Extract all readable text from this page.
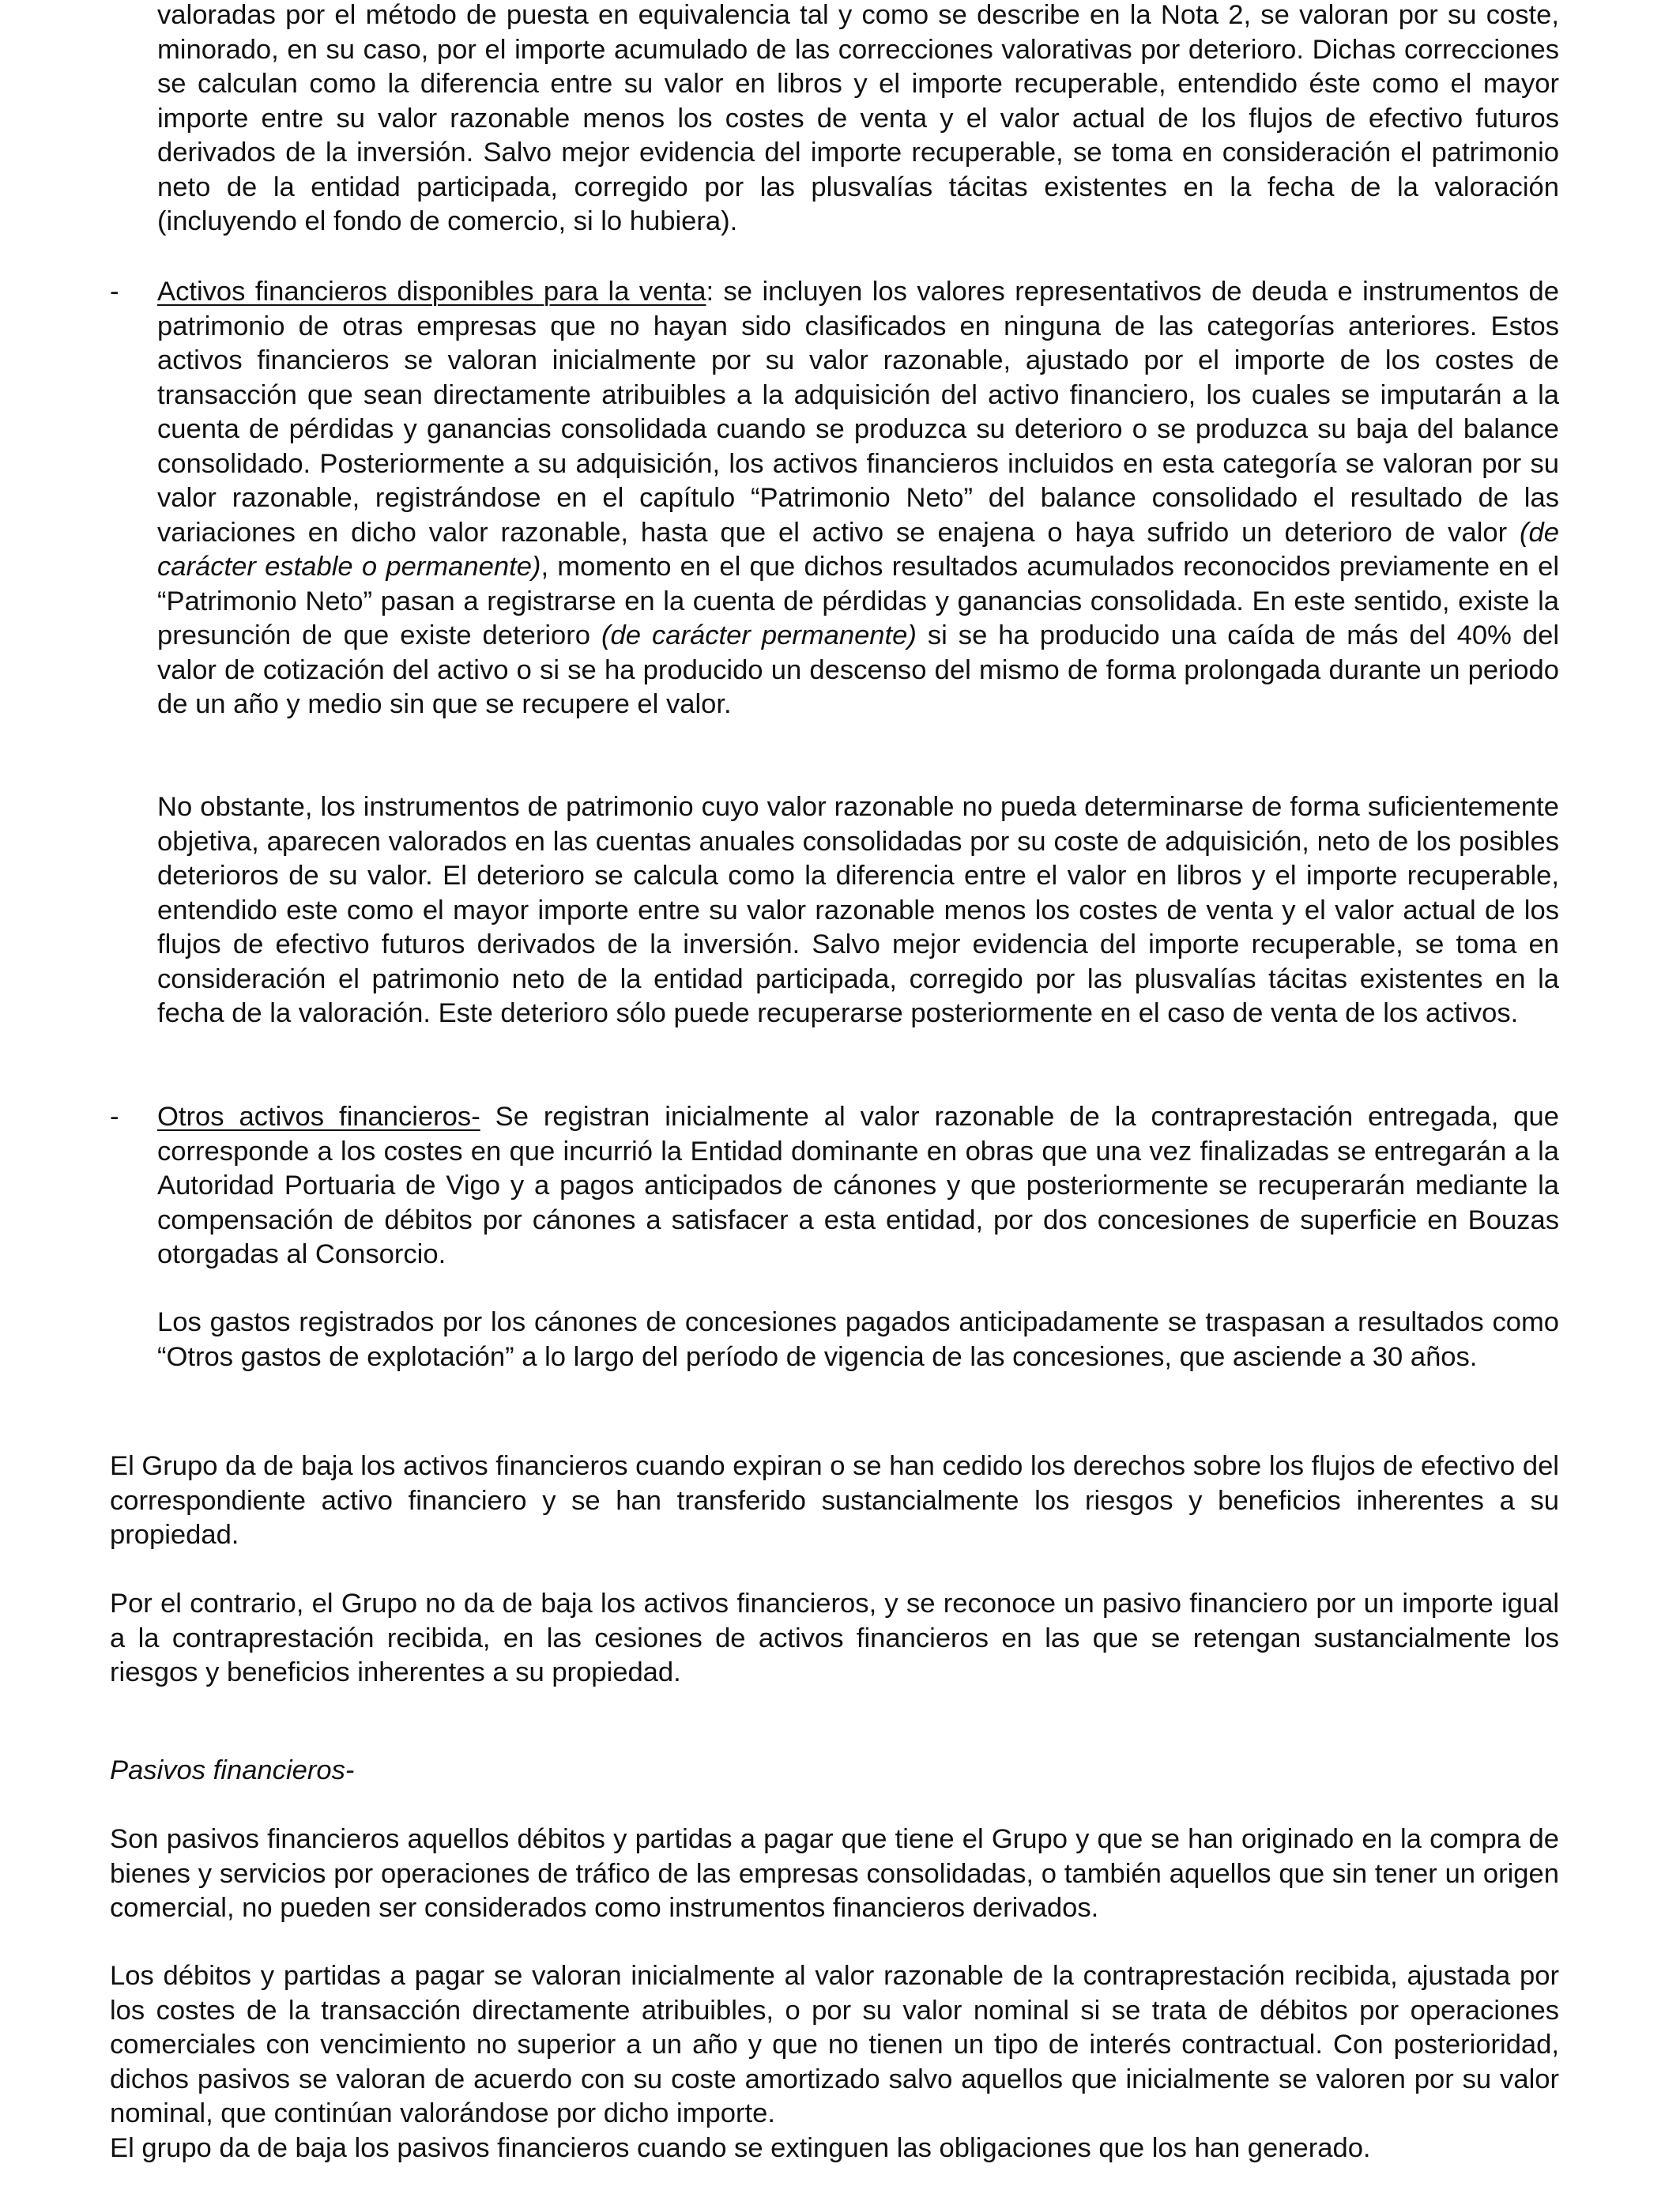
valoradas por el método de puesta en equivalencia tal y como se describe en la Nota 2, se valoran por su coste, minorado, en su caso, por el importe acumulado de las correcciones valorativas por deterioro. Dichas correcciones se calculan como la diferencia entre su valor en libros y el importe recuperable, entendido éste como el mayor importe entre su valor razonable menos los costes de venta y el valor actual de los flujos de efectivo futuros derivados de la inversión. Salvo mejor evidencia del importe recuperable, se toma en consideración el patrimonio neto de la entidad participada, corregido por las plusvalías tácitas existentes en la fecha de la valoración (incluyendo el fondo de comercio, si lo hubiera).

- Activos financieros disponibles para la venta: se incluyen los valores representativos de deuda e instrumentos de patrimonio de otras empresas que no hayan sido clasificados en ninguna de las categorías anteriores. Estos activos financieros se valoran inicialmente por su valor razonable, ajustado por el importe de los costes de transacción que sean directamente atribuibles a la adquisición del activo financiero, los cuales se imputarán a la cuenta de pérdidas y ganancias consolidada cuando se produzca su deterioro o se produzca su baja del balance consolidado. Posteriormente a su adquisición, los activos financieros incluidos en esta categoría se valoran por su valor razonable, registrándose en el capítulo “Patrimonio Neto” del balance consolidado el resultado de las variaciones en dicho valor razonable, hasta que el activo se enajena o haya sufrido un deterioro de valor (de carácter estable o permanente), momento en el que dichos resultados acumulados reconocidos previamente en el “Patrimonio Neto” pasan a registrarse en la cuenta de pérdidas y ganancias consolidada. En este sentido, existe la presunción de que existe deterioro (de carácter permanente) si se ha producido una caída de más del 40% del valor de cotización del activo o si se ha producido un descenso del mismo de forma prolongada durante un periodo de un año y medio sin que se recupere el valor.

No obstante, los instrumentos de patrimonio cuyo valor razonable no pueda determinarse de forma suficientemente objetiva, aparecen valorados en las cuentas anuales consolidadas por su coste de adquisición, neto de los posibles deterioros de su valor. El deterioro se calcula como la diferencia entre el valor en libros y el importe recuperable, entendido este como el mayor importe entre su valor razonable menos los costes de venta y el valor actual de los flujos de efectivo futuros derivados de la inversión. Salvo mejor evidencia del importe recuperable, se toma en consideración el patrimonio neto de la entidad participada, corregido por las plusvalías tácitas existentes en la fecha de la valoración. Este deterioro sólo puede recuperarse posteriormente en el caso de venta de los activos.

- Otros activos financieros- Se registran inicialmente al valor razonable de la contraprestación entregada, que corresponde a los costes en que incurrió la Entidad dominante en obras que una vez finalizadas se entregarán a la Autoridad Portuaria de Vigo y a pagos anticipados de cánones y que posteriormente se recuperarán mediante la compensación de débitos por cánones a satisfacer a esta entidad, por dos concesiones de superficie en Bouzas otorgadas al Consorcio.

Los gastos registrados por los cánones de concesiones pagados anticipadamente se traspasan a resultados como “Otros gastos de explotación” a lo largo del período de vigencia de las concesiones, que asciende a 30 años.

El Grupo da de baja los activos financieros cuando expiran o se han cedido los derechos sobre los flujos de efectivo del correspondiente activo financiero y se han transferido sustancialmente los riesgos y beneficios inherentes a su propiedad.

Por el contrario, el Grupo no da de baja los activos financieros, y se reconoce un pasivo financiero por un importe igual a la contraprestación recibida, en las cesiones de activos financieros en las que se retengan sustancialmente los riesgos y beneficios inherentes a su propiedad.

Pasivos financieros-

Son pasivos financieros aquellos débitos y partidas a pagar que tiene el Grupo y que se han originado en la compra de bienes y servicios por operaciones de tráfico de las empresas consolidadas, o también aquellos que sin tener un origen comercial, no pueden ser considerados como instrumentos financieros derivados.

Los débitos y partidas a pagar se valoran inicialmente al valor razonable de la contraprestación recibida, ajustada por los costes de la transacción directamente atribuibles, o por su valor nominal si se trata de débitos por operaciones comerciales con vencimiento no superior a un año y que no tienen un tipo de interés contractual. Con posterioridad, dichos pasivos se valoran de acuerdo con su coste amortizado salvo aquellos que inicialmente se valoren por su valor nominal, que continúan valorándose por dicho importe.

El grupo da de baja los pasivos financieros cuando se extinguen las obligaciones que los han generado.
